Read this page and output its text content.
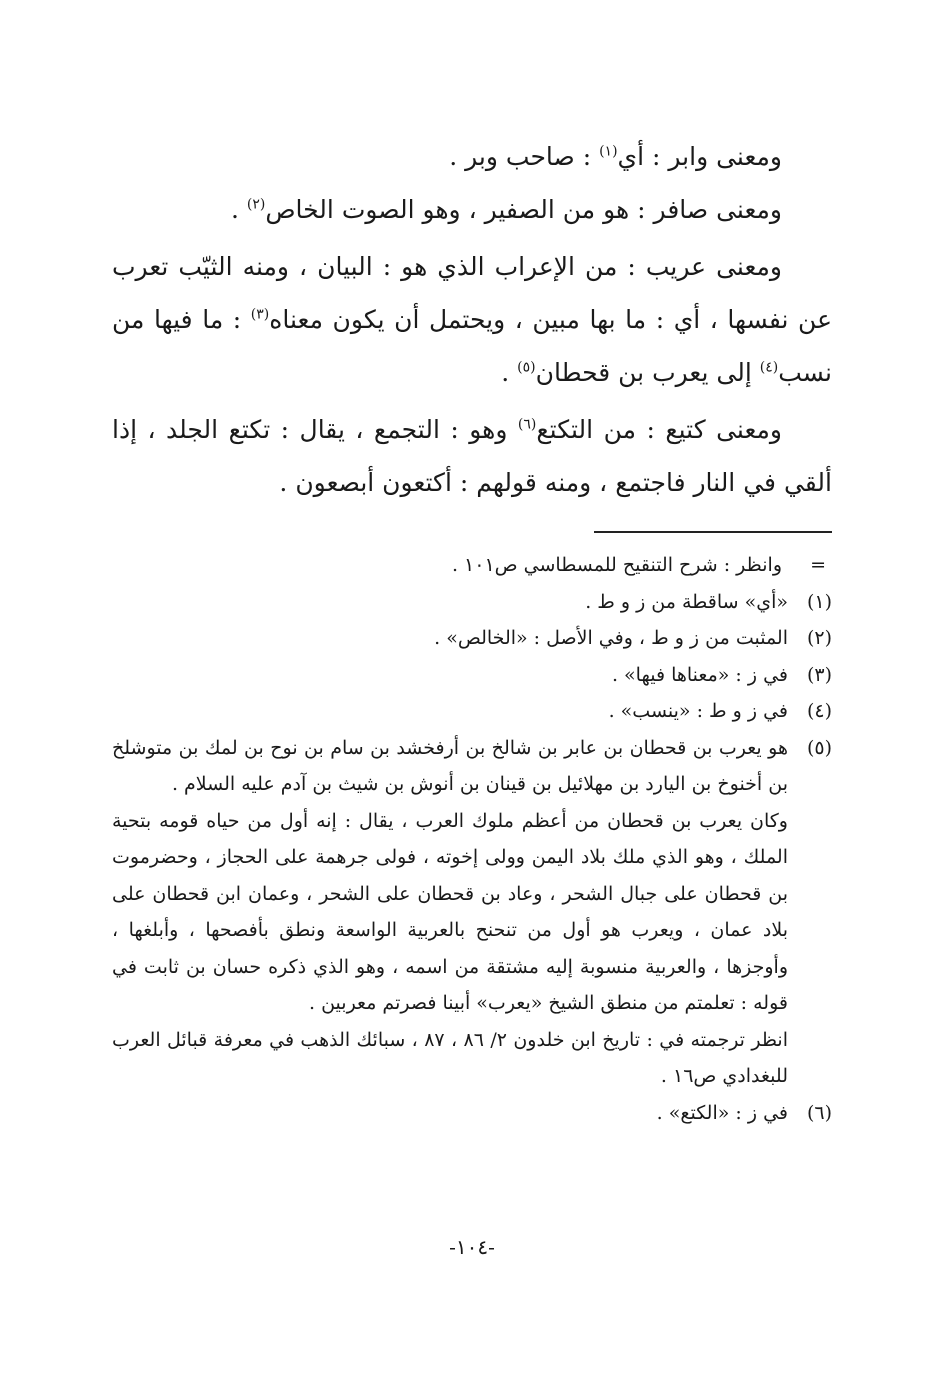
ومعنى وابر : أي$^{(١)}$ : صاحب وبر .

ومعنى صافر : هو من الصفير ، وهو الصوت الخاص$^{(٢)}$ .

ومعنى عريب : من الإعراب الذي هو : البيان ، ومنه الثيّب تعرب عن نفسها ، أي : ما بها مبين ، ويحتمل أن يكون معناه$^{(٣)}$ : ما فيها من نسب$^{(٤)}$ إلى يعرب بن قحطان$^{(٥)}$ .

ومعنى كتيع : من التكتع$^{(٦)}$ وهو : التجمع ، يقال : تكتع الجلد ، إذا ألقي في النار فاجتمع ، ومنه قولهم : أكتعون أبصعون .

=
وانظر : شرح التنقيح للمسطاسي ص١٠١ .
(١)
«أي» ساقطة من ز و ط .
(٢)
المثبت من ز و ط ، وفي الأصل : «الخالص» .
(٣)
في ز : «معناها فيها» .
(٤)
في ز و ط : «ينسب» .
(٥)
هو يعرب بن قحطان بن عابر بن شالخ بن أرفخشد بن سام بن نوح بن لمك بن متوشلخ بن أخنوخ بن اليارد بن مهلائيل بن قينان بن أنوش بن شيث بن آدم عليه السلام .
وكان يعرب بن قحطان من أعظم ملوك العرب ، يقال : إنه أول من حياه قومه بتحية الملك ، وهو الذي ملك بلاد اليمن وولى إخوته ، فولى جرهمة على الحجاز ، وحضرموت بن قحطان على جبال الشحر ، وعاد بن قحطان على الشحر ، وعمان ابن قحطان على بلاد عمان ، ويعرب هو أول من تنحنح بالعربية الواسعة ونطق بأفصحها ، وأبلغها ، وأوجزها ، والعربية منسوبة إليه مشتقة من اسمه ، وهو الذي ذكره حسان بن ثابت في قوله : تعلمتم من منطق الشيخ «يعرب» أبينا فصرتم معربين .
انظر ترجمته في : تاريخ ابن خلدون ٢/ ٨٦ ، ٨٧ ، سبائك الذهب في معرفة قبائل العرب للبغدادي ص١٦ .
(٦)
في ز : «الكتع» .
-١٠٤-
